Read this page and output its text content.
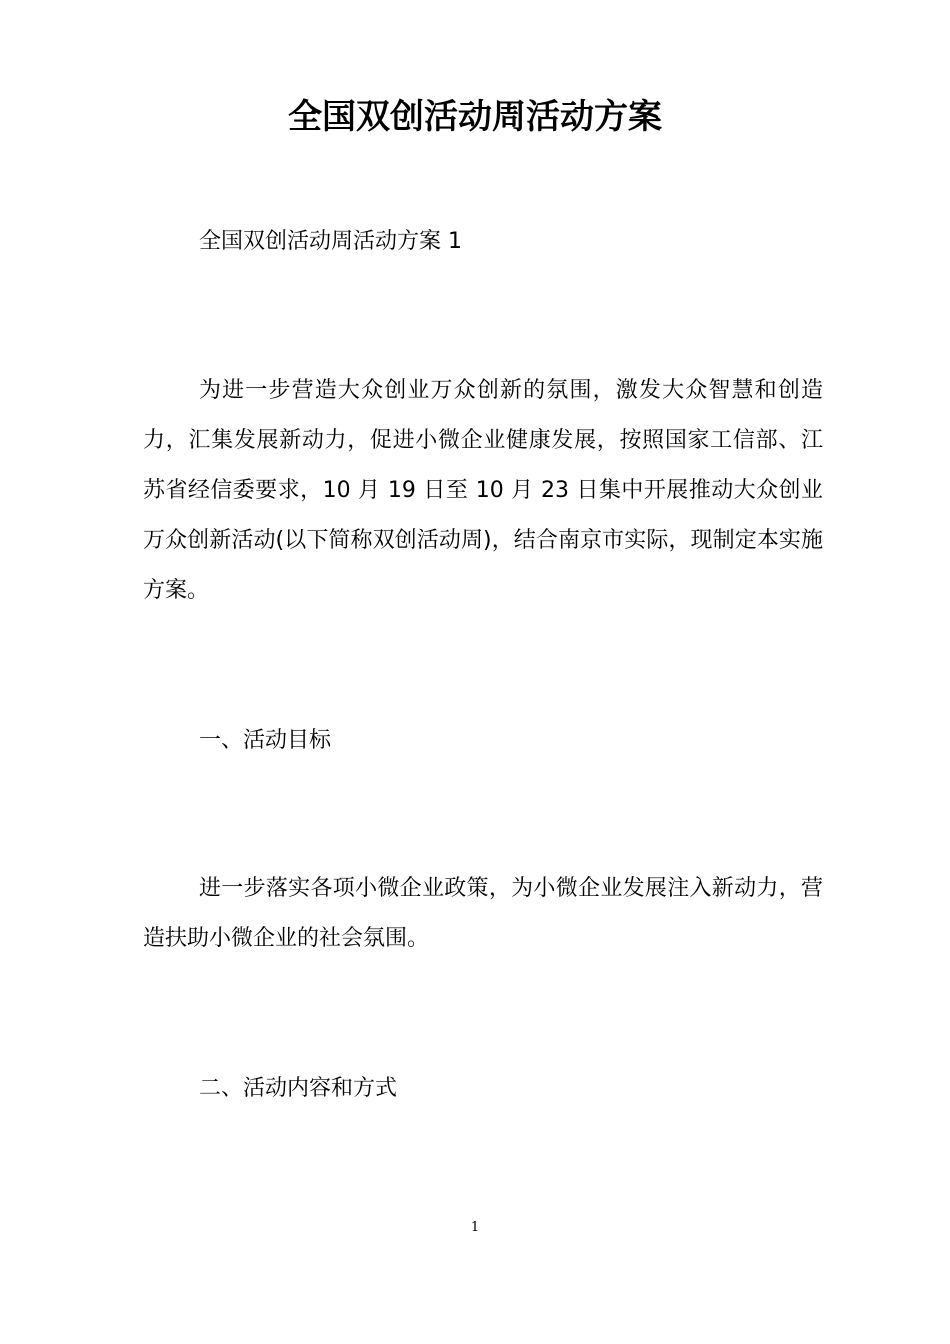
全国双创活动周活动方案
全国双创活动周活动方案 1
为进一步营造大众创业万众创新的氛围，激发大众智慧和创造力，汇集发展新动力，促进小微企业健康发展，按照国家工信部、江苏省经信委要求，10 月 19 日至 10 月 23 日集中开展推动大众创业万众创新活动(以下简称双创活动周)，结合南京市实际，现制定本实施方案。
一、活动目标
进一步落实各项小微企业政策，为小微企业发展注入新动力，营造扶助小微企业的社会氛围。
二、活动内容和方式
1
